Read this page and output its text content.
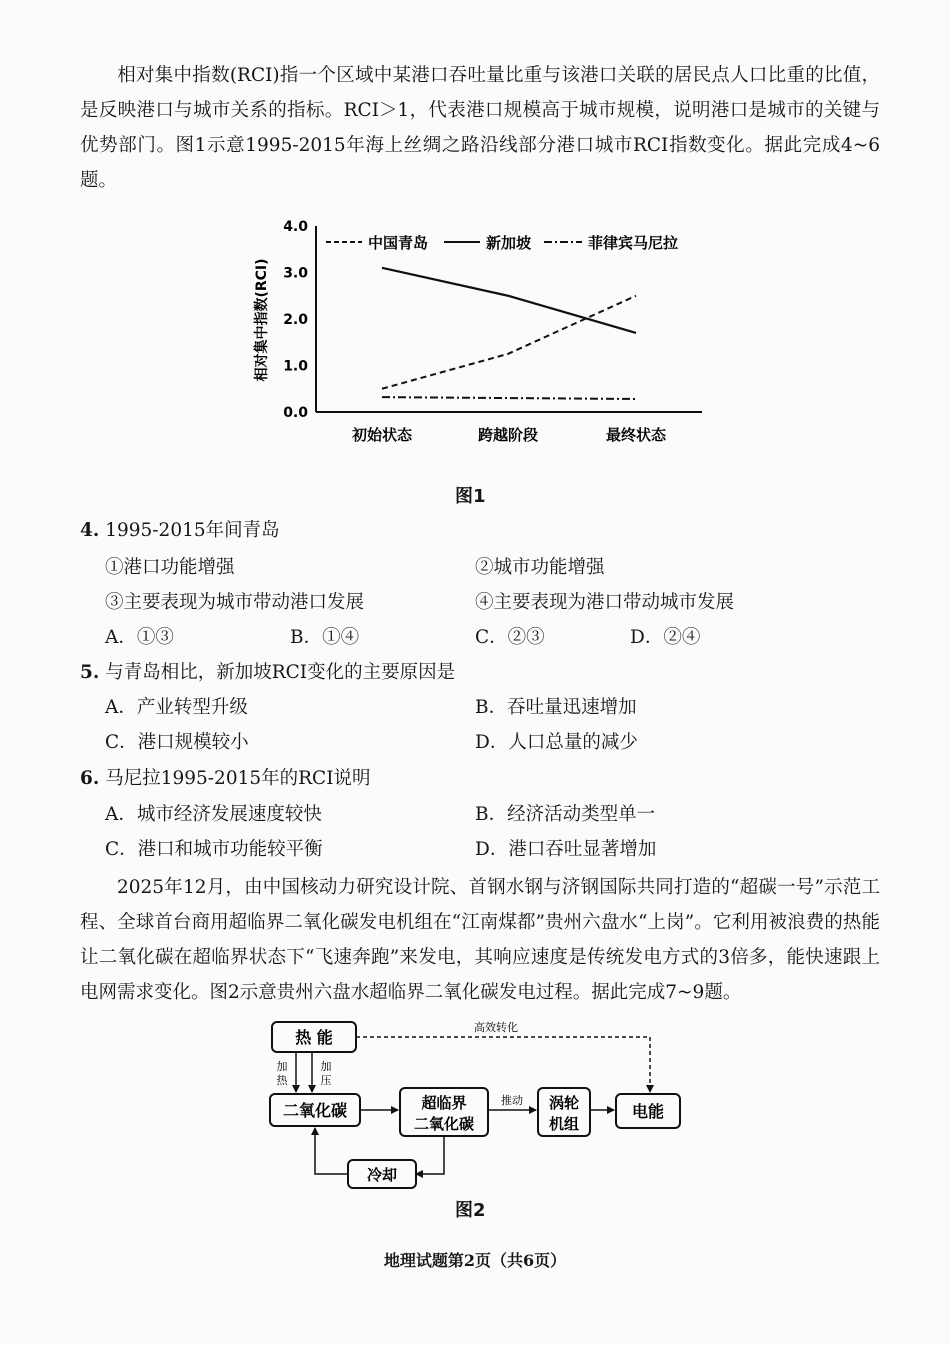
相对集中指数(RCI)指一个区域中某港口吞吐量比重与该港口关联的居民点人口比重的比值，是反映港口与城市关系的指标。RCI＞1，代表港口规模高于城市规模，说明港口是城市的关键与优势部门。图1示意1995-2015年海上丝绸之路沿线部分港口城市RCI指数变化。据此完成4~6题。
中国青岛	新加坡	菲律宾马尼拉
相对集中指数(RCI)
0.0
1.0
2.0
3.0
4.0
初始状态	跨越阶段	最终状态
图1
4. 1995-2015年间青岛
①港口功能增强	②城市功能增强
③主要表现为城市带动港口发展	④主要表现为港口带动城市发展
A．①③	B．①④	C．②③	D．②④
5. 与青岛相比，新加坡RCI变化的主要原因是
A．产业转型升级	B．吞吐量迅速增加
C．港口规模较小	D．人口总量的减少
6. 马尼拉1995-2015年的RCI说明
A．城市经济发展速度较快	B．经济活动类型单一
C．港口和城市功能较平衡	D．港口吞吐显著增加
2025年12月，由中国核动力研究设计院、首钢水钢与济钢国际共同打造的“超碳一号”示范工程、全球首台商用超临界二氧化碳发电机组在“江南煤都”贵州六盘水“上岗”。它利用被浪费的热能让二氧化碳在超临界状态下“飞速奔跑”来发电，其响应速度是传统发电方式的3倍多，能快速跟上电网需求变化。图2示意贵州六盘水超临界二氧化碳发电过程。据此完成7~9题。
热 能
二氧化碳	超临界
二氧化碳
涡轮
机组
电能
冷却
加
热
加
压
推动
高效转化
图2
地理试题第2页（共6页）
